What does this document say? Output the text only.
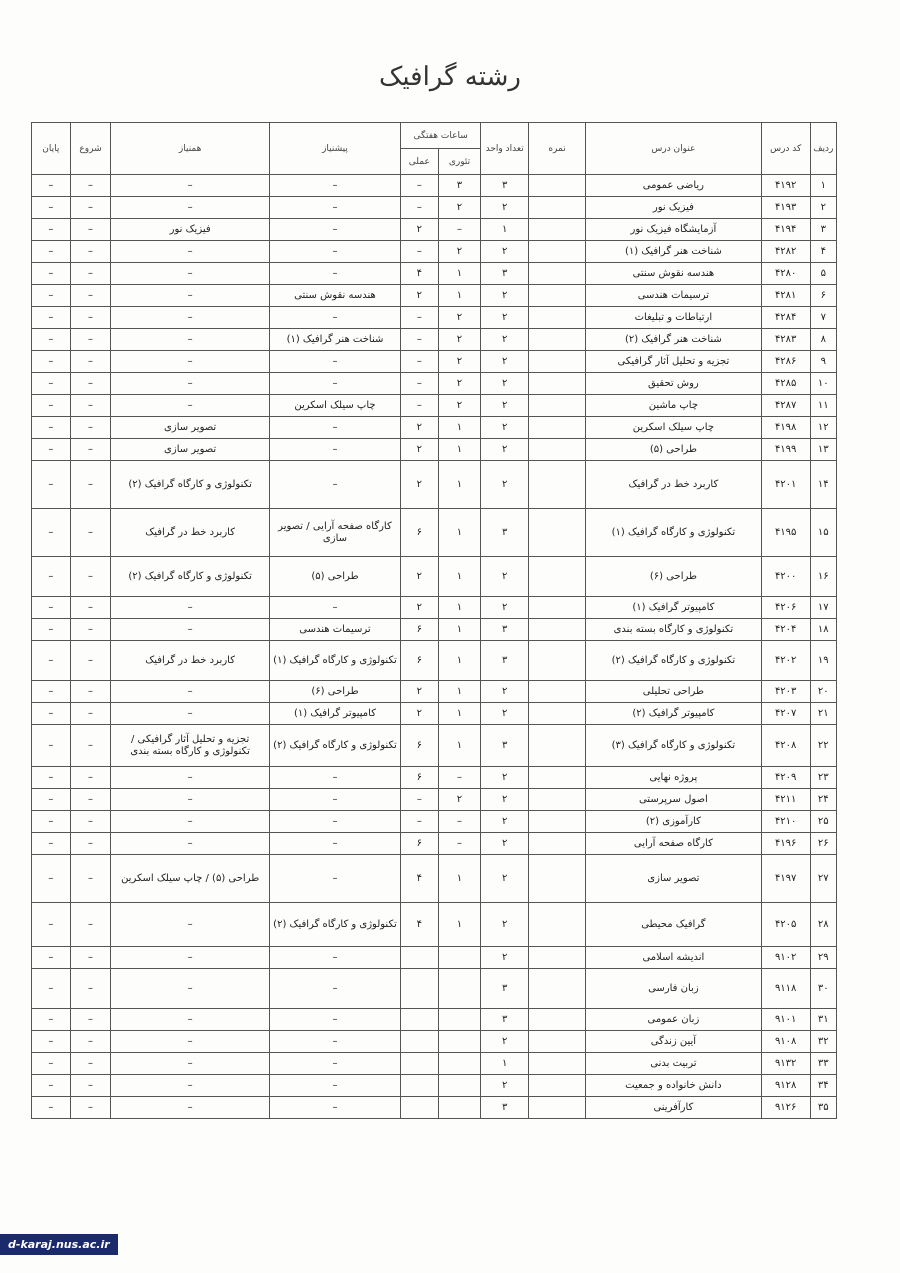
رشته گرافیک
ردیف	کد درس	عنوان درس	نمره	تعداد واحد	ساعات هفتگی		پیشنیاز	همنیاز	شروع	پایان
					تئوری	عملی				
۱	۴۱۹۲	ریاضی عمومی		۳	۳	–	–	–	–	–
۲	۴۱۹۳	فیزیک نور		۲	۲	–	–	–	–	–
۳	۴۱۹۴	آزمایشگاه فیزیک نور		۱	–	۲	–	فیزیک نور	–	–
۴	۴۲۸۲	شناخت هنر گرافیک (۱)		۲	۲	–	–	–	–	–
۵	۴۲۸۰	هندسه نقوش سنتی		۳	۱	۴	–	–	–	–
۶	۴۲۸۱	ترسیمات هندسی		۲	۱	۲	هندسه نقوش سنتی	–	–	–
۷	۴۲۸۴	ارتباطات و تبلیغات		۲	۲	–	–	–	–	–
۸	۴۲۸۳	شناخت هنر گرافیک (۲)		۲	۲	–	شناخت هنر گرافیک (۱)	–	–	–
۹	۴۲۸۶	تجزیه و تحلیل آثار گرافیکی		۲	۲	–	–	–	–	–
۱۰	۴۲۸۵	روش تحقیق		۲	۲	–	–	–	–	–
۱۱	۴۲۸۷	چاپ ماشین		۲	۲	–	چاپ سیلک اسکرین	–	–	–
۱۲	۴۱۹۸	چاپ سیلک اسکرین		۲	۱	۲	–	تصویر سازی	–	–
۱۳	۴۱۹۹	طراحی (۵)		۲	۱	۲	–	تصویر سازی	–	–
۱۴	۴۲۰۱	کاربرد خط در گرافیک		۲	۱	۲	–	تکنولوژی و کارگاه گرافیک (۲)	–	–
۱۵	۴۱۹۵	تکنولوژی و کارگاه گرافیک (۱)		۳	۱	۶	کارگاه صفحه آرایی / تصویر سازی	کاربرد خط در گرافیک	–	–
۱۶	۴۲۰۰	طراحی (۶)		۲	۱	۲	طراحی (۵)	تکنولوژی و کارگاه گرافیک (۲)	–	–
۱۷	۴۲۰۶	کامپیوتر گرافیک (۱)		۲	۱	۲	–	–	–	–
۱۸	۴۲۰۴	تکنولوژی و کارگاه بسته بندی		۳	۱	۶	ترسیمات هندسی	–	–	–
۱۹	۴۲۰۲	تکنولوژی و کارگاه گرافیک (۲)		۳	۱	۶	تکنولوژی و کارگاه گرافیک (۱)	کاربرد خط در گرافیک	–	–
۲۰	۴۲۰۳	طراحی تحلیلی		۲	۱	۲	طراحی (۶)	–	–	–
۲۱	۴۲۰۷	کامپیوتر گرافیک (۲)		۲	۱	۲	کامپیوتر گرافیک (۱)	–	–	–
۲۲	۴۲۰۸	تکنولوژی و کارگاه گرافیک (۳)		۳	۱	۶	تکنولوژی و کارگاه گرافیک (۲)	تجزیه و تحلیل آثار گرافیکی / تکنولوژی و کارگاه بسته بندی	–	–
۲۳	۴۲۰۹	پروژه نهایی		۲	–	۶	–	–	–	–
۲۴	۴۲۱۱	اصول سرپرستی		۲	۲	–	–	–	–	–
۲۵	۴۲۱۰	کارآموزی (۲)		۲	–	–	–	–	–	–
۲۶	۴۱۹۶	کارگاه صفحه آرایی		۲	–	۶	–	–	–	–
۲۷	۴۱۹۷	تصویر سازی		۲	۱	۴	–	طراحی (۵) / چاپ سیلک اسکرین	–	–
۲۸	۴۲۰۵	گرافیک محیطی		۲	۱	۴	تکنولوژی و کارگاه گرافیک (۲)	–	–	–
۲۹	۹۱۰۲	اندیشه اسلامی		۲			–	–	–	–
۳۰	۹۱۱۸	زبان فارسی		۳			–	–	–	–
۳۱	۹۱۰۱	زبان عمومی		۳			–	–	–	–
۳۲	۹۱۰۸	آیین زندگی		۲			–	–	–	–
۳۳	۹۱۳۲	تربیت بدنی		۱			–	–	–	–
۳۴	۹۱۲۸	دانش خانواده و جمعیت		۲			–	–	–	–
۳۵	۹۱۲۶	کارآفرینی		۳			–	–	–	–
d-karaj.nus.ac.ir
